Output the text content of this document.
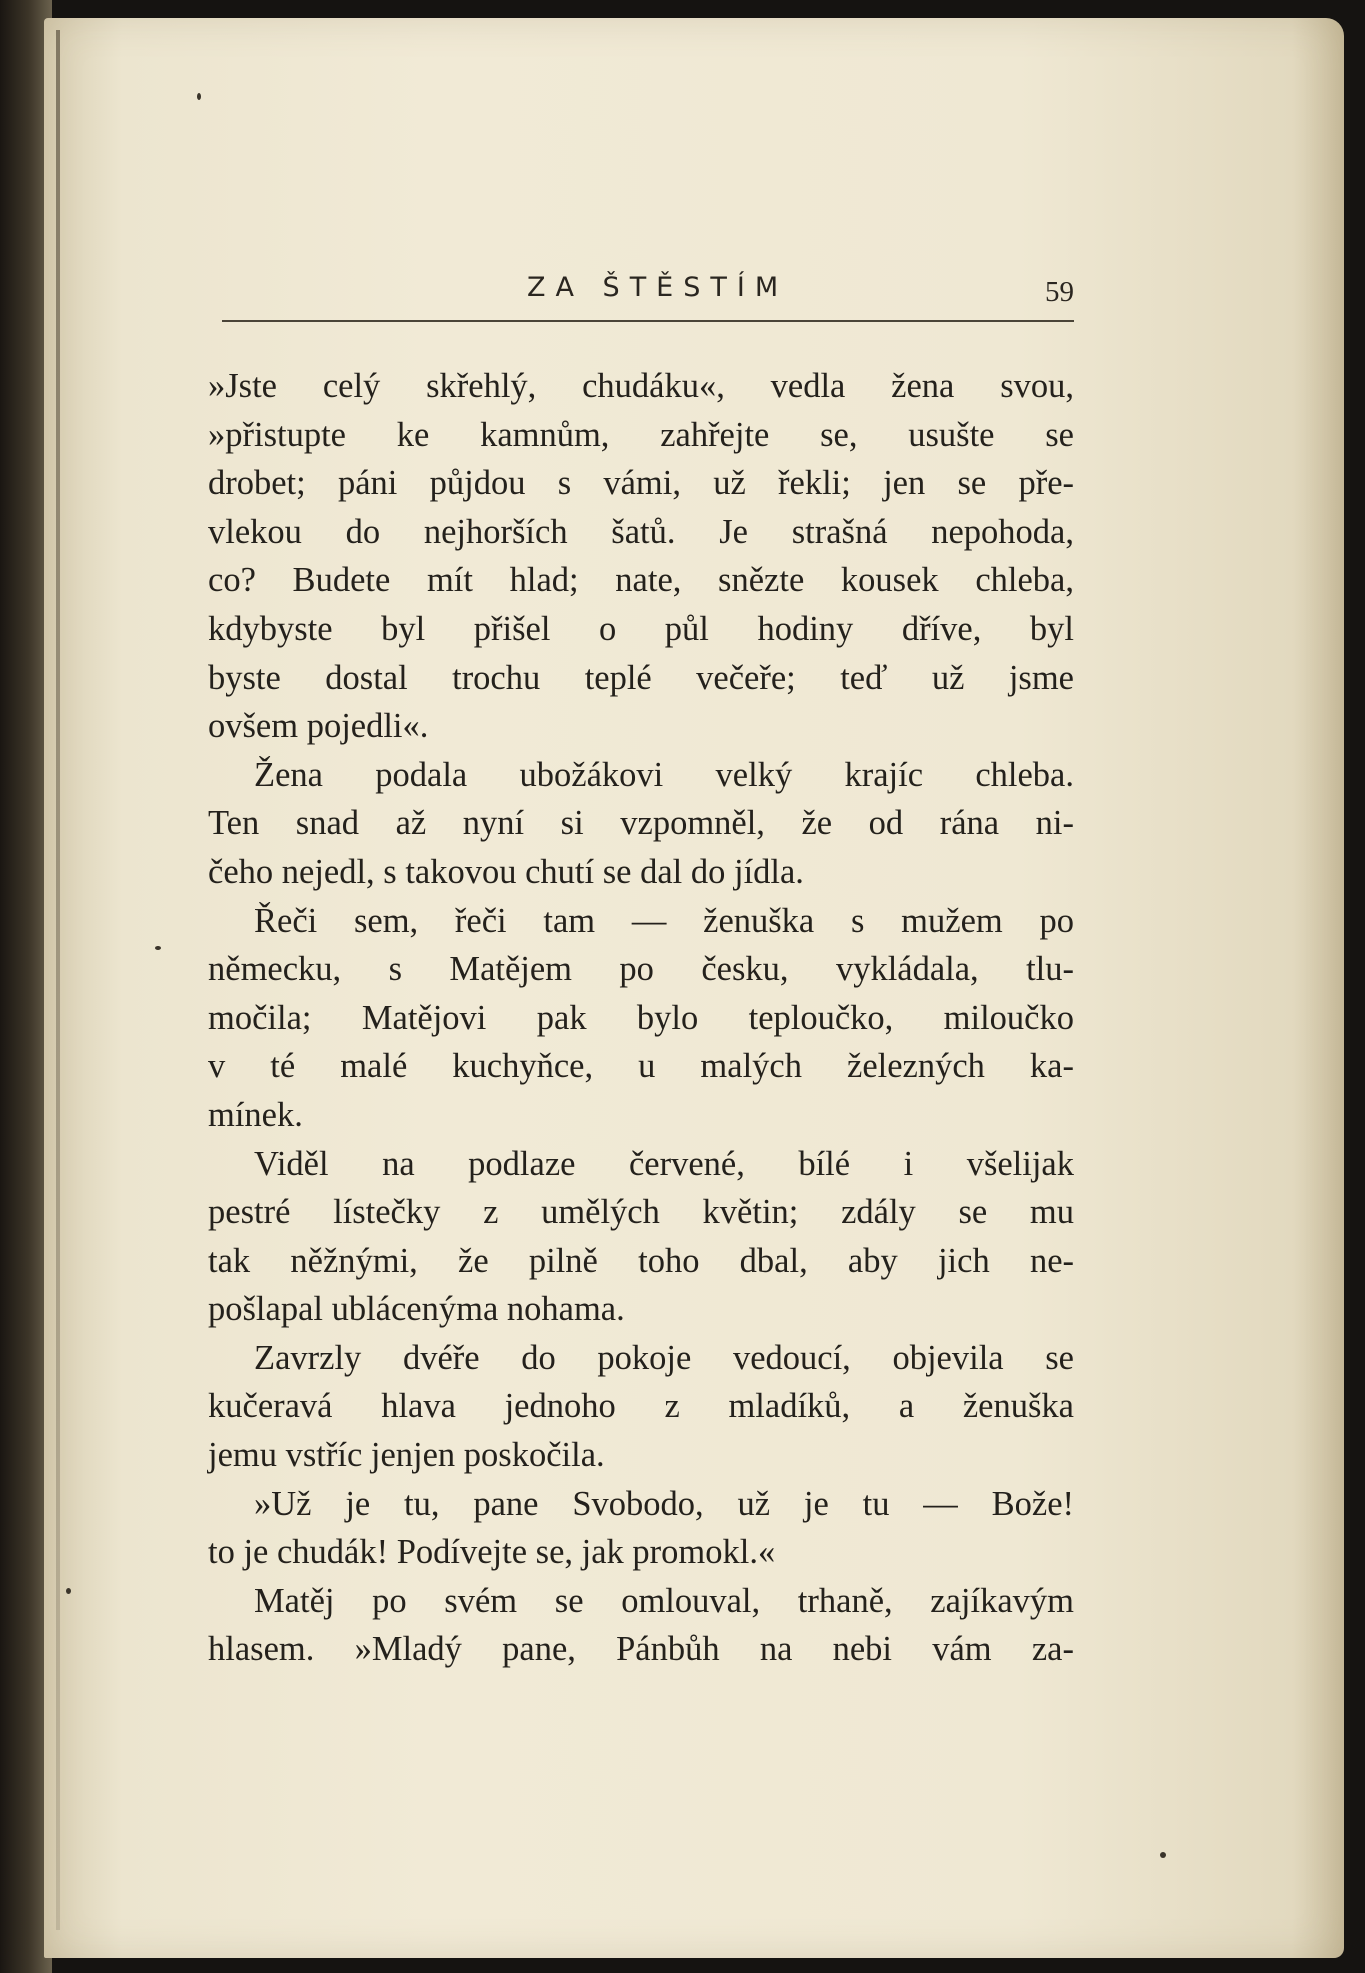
ZA ŠTĚSTÍM	59
»Jste celý skřehlý, chudáku«, vedla žena svou,
»přistupte ke kamnům, zahřejte se, usušte se
drobet; páni půjdou s vámi, už řekli; jen se pře-
vlekou do nejhorších šatů. Je strašná nepohoda,
co? Budete mít hlad; nate, snězte kousek chleba,
kdybyste byl přišel o půl hodiny dříve, byl
byste dostal trochu teplé večeře; teď už jsme
ovšem pojedli«.
Žena podala ubožákovi velký krajíc chleba.
Ten snad až nyní si vzpomněl, že od rána ni-
čeho nejedl, s takovou chutí se dal do jídla.
Řeči sem, řeči tam — ženuška s mužem po
německu, s Matějem po česku, vykládala, tlu-
močila; Matějovi pak bylo teploučko, miloučko
v té malé kuchyňce, u malých železných ka-
mínek.
Viděl na podlaze červené, bílé i všelijak
pestré lístečky z umělých květin; zdály se mu
tak něžnými, že pilně toho dbal, aby jich ne-
pošlapal ublácenýma nohama.
Zavrzly dvéře do pokoje vedoucí, objevila se
kučeravá hlava jednoho z mladíků, a ženuška
jemu vstříc jenjen poskočila.
»Už je tu, pane Svobodo, už je tu — Bože!
to je chudák! Podívejte se, jak promokl.«
Matěj po svém se omlouval, trhaně, zajíkavým
hlasem. »Mladý pane, Pánbůh na nebi vám za-
